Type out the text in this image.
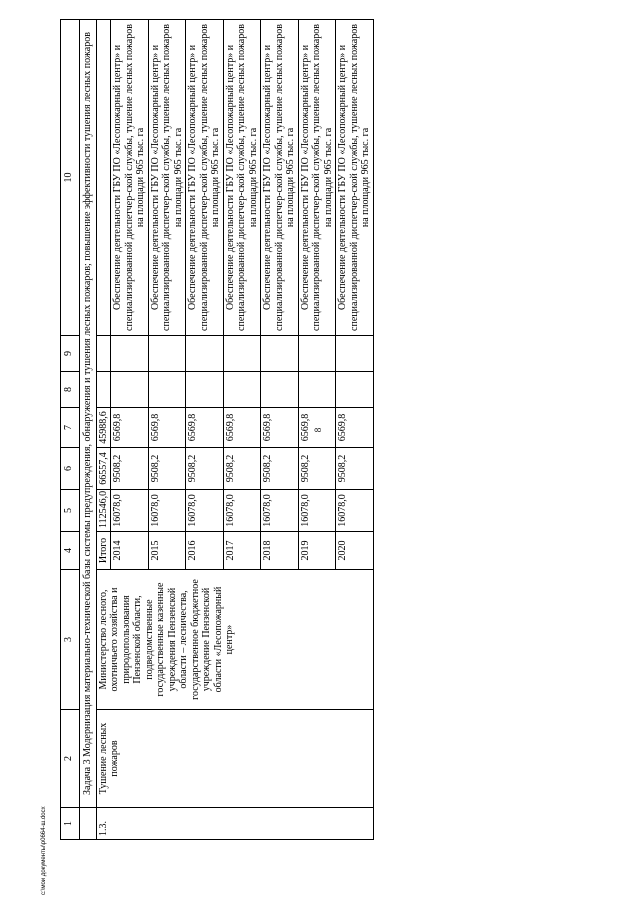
8
1	2	3	4	5	6	7	8	9	10
	Задача 3 Модернизация материально-технической базы системы предупреждения, обнаружения и тушения лесных пожаров; повышение эффективности тушения лесных пожаров								
1.3.	Тушение лесных пожаров	Министерство лесного, охотничьего хозяйства и природопользования Пензенской области, подведомственные государственные казенные учреждения Пензенской области – лесничества, государственное бюджетное учреждение Пензенской области «Лесопожарный центр»	Итого	112546,0	66557,4	45988,6			
			2014	16078,0	9508,2	6569,8			Обеспечение деятельности ГБУ ПО «Лесопожарный центр» и специализированной диспетчер-ской службы, тушение лесных пожаров на площади 965 тыс. га
			2015	16078,0	9508,2	6569,8			Обеспечение деятельности ГБУ ПО «Лесопожарный центр» и специализированной диспетчер-ской службы, тушение лесных пожаров на площади 965 тыс. га
			2016	16078,0	9508,2	6569,8			Обеспечение деятельности ГБУ ПО «Лесопожарный центр» и специализированной диспетчер-ской службы, тушение лесных пожаров на площади 965 тыс. га
			2017	16078,0	9508,2	6569,8			Обеспечение деятельности ГБУ ПО «Лесопожарный центр» и специализированной диспетчер-ской службы, тушение лесных пожаров на площади 965 тыс. га
			2018	16078,0	9508,2	6569,8			Обеспечение деятельности ГБУ ПО «Лесопожарный центр» и специализированной диспетчер-ской службы, тушение лесных пожаров на площади 965 тыс. га
			2019	16078,0	9508,2	6569,8			Обеспечение деятельности ГБУ ПО «Лесопожарный центр» и специализированной диспетчер-ской службы, тушение лесных пожаров на площади 965 тыс. га
			2020	16078,0	9508,2	6569,8			Обеспечение деятельности ГБУ ПО «Лесопожарный центр» и специализированной диспетчер-ской службы, тушение лесных пожаров на площади 965 тыс. га
c:\мои документы\p0664-ш.docx
